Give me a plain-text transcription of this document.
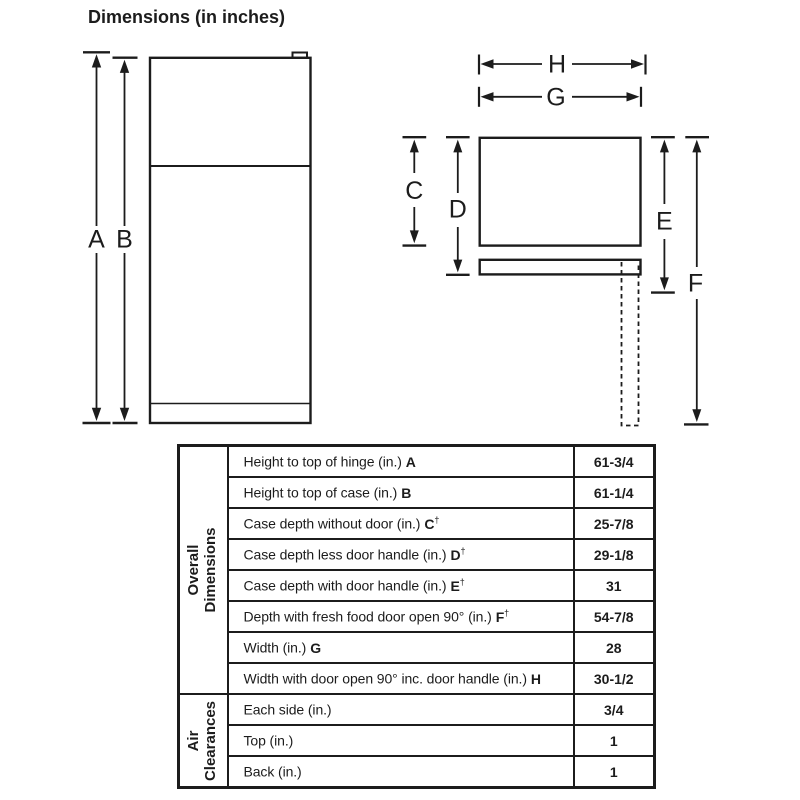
Dimensions (in inches)
A B
H
G
C
D	E
F
Overall Dimensions	Height to top of hinge (in.) A	61-3/4
	Height to top of case (in.) B	61-1/4
	Case depth without door (in.) C†	25-7/8
	Case depth less door handle (in.) D†	29-1/8
	Case depth with door handle (in.) E†	31
	Depth with fresh food door open 90° (in.) F†	54-7/8
	Width (in.) G	28
	Width with door open 90° inc. door handle (in.) H	30-1/2

Air Clearances	Each side (in.)	3/4
	Top (in.)	1
	Back (in.)	1
